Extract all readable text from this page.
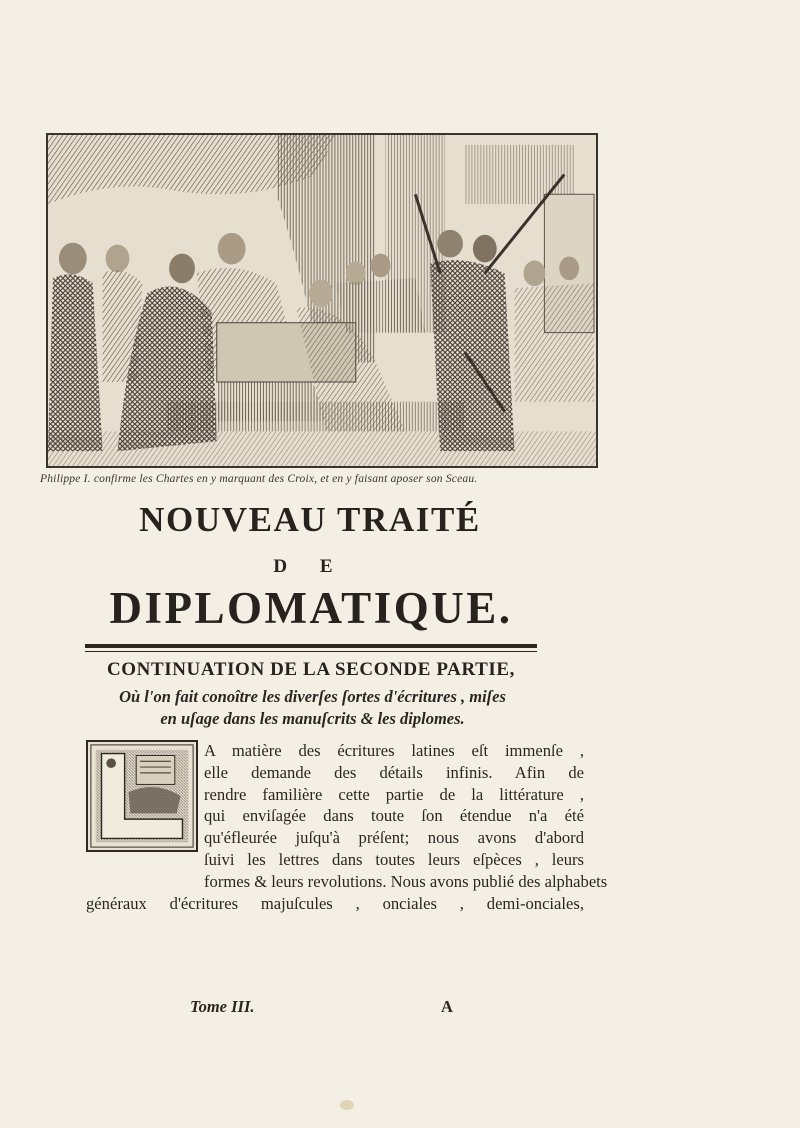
Philippe I. confirme les Chartes en y marquant des Croix, et en y faisant aposer son Sceau.
NOUVEAU TRAITÉ
D E
DIPLOMATIQUE.
CONTINUATION DE LA SECONDE PARTIE,
Où l'on fait conoître les diverſes ſortes d'écritures , miſes
en uſage dans les manuſcrits & les diplomes.
A matière des écritures latines eſt immenſe ,
elle demande des détails infinis. Afin de
rendre familière cette partie de la littérature ,
qui enviſagée dans toute ſon étendue n'a été
qu'éfleurée juſqu'à préſent; nous avons d'abord
ſuivi les lettres dans toutes leurs eſpèces , leurs
formes & leurs revolutions. Nous avons publié des alphabets
généraux d'écritures majuſcules , onciales , demi-onciales,
Tome III.	A
